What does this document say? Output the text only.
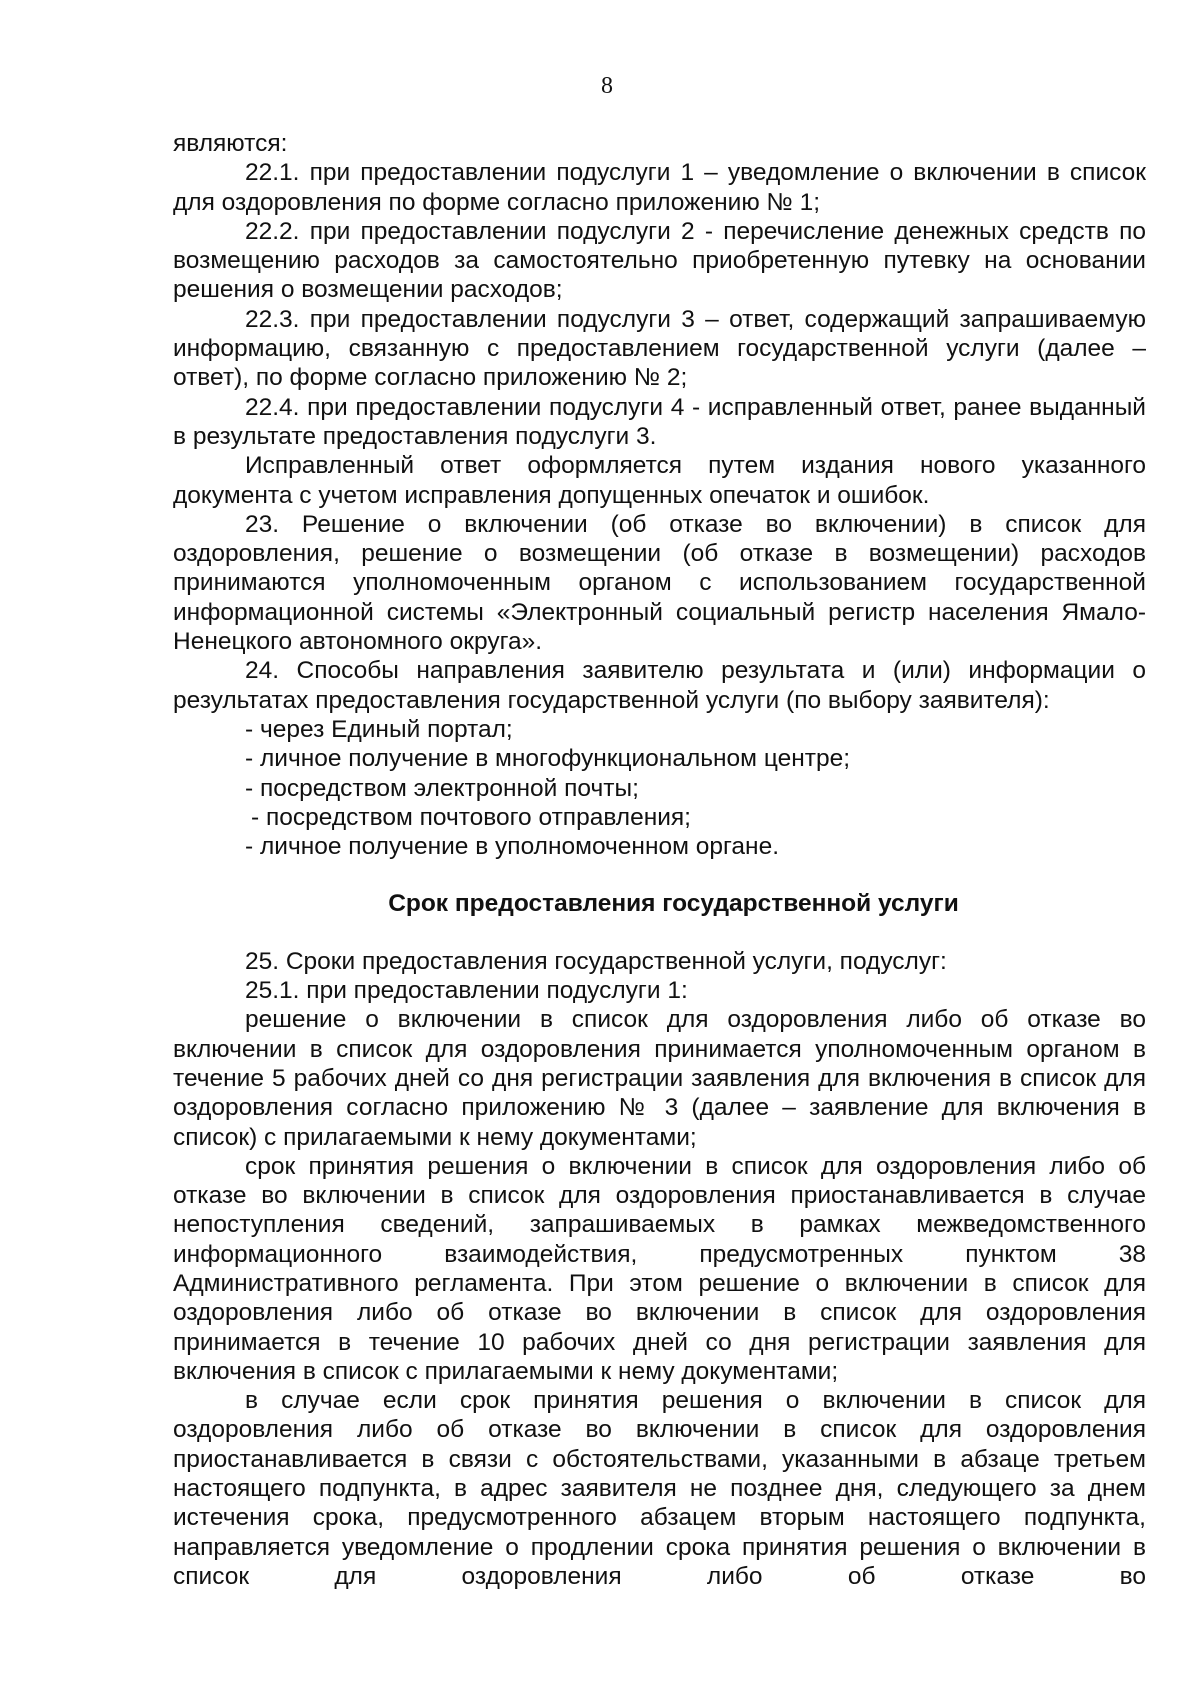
8

являются:

22.1. при предоставлении подуслуги 1 – уведомление о включении в список для оздоровления по форме согласно приложению № 1;

22.2. при предоставлении подуслуги 2 - перечисление денежных средств по возмещению расходов за самостоятельно приобретенную путевку на основании решения о возмещении расходов;

22.3. при предоставлении подуслуги 3 – ответ, содержащий запрашиваемую информацию, связанную с предоставлением государственной услуги (далее – ответ), по форме согласно приложению № 2;

22.4. при предоставлении подуслуги 4 - исправленный ответ, ранее выданный в результате предоставления подуслуги 3.

Исправленный ответ оформляется путем издания нового указанного документа с учетом исправления допущенных опечаток и ошибок.

23. Решение о включении (об отказе во включении) в список для оздоровления, решение о возмещении (об отказе в возмещении) расходов принимаются уполномоченным органом с использованием государственной информационной системы «Электронный социальный регистр населения Ямало-Ненецкого автономного округа».

24. Способы направления заявителю результата и (или) информации о результатах предоставления государственной услуги (по выбору заявителя):

- через Единый портал;

- личное получение в многофункциональном центре;

- посредством электронной почты;

- посредством почтового отправления;

- личное получение в уполномоченном органе.

Срок предоставления государственной услуги

25. Сроки предоставления государственной услуги, подуслуг:

25.1. при предоставлении подуслуги 1:

решение о включении в список для оздоровления либо об отказе во включении в список для оздоровления принимается уполномоченным органом в течение 5 рабочих дней со дня регистрации заявления для включения в список для оздоровления согласно приложению № 3 (далее – заявление для включения в список) с прилагаемыми к нему документами;

срок принятия решения о включении в список для оздоровления либо об отказе во включении в список для оздоровления приостанавливается в случае непоступления сведений, запрашиваемых в рамках межведомственного информационного взаимодействия, предусмотренных пунктом 38 Административного регламента. При этом решение о включении в список для оздоровления либо об отказе во включении в список для оздоровления принимается в течение 10 рабочих дней со дня регистрации заявления для включения в список с прилагаемыми к нему документами;

в случае если срок принятия решения о включении в список для оздоровления либо об отказе во включении в список для оздоровления приостанавливается в связи с обстоятельствами, указанными в абзаце третьем настоящего подпункта, в адрес заявителя не позднее дня, следующего за днем истечения срока, предусмотренного абзацем вторым настоящего подпункта, направляется уведомление о продлении срока принятия решения о включении в список для оздоровления либо об отказе во
